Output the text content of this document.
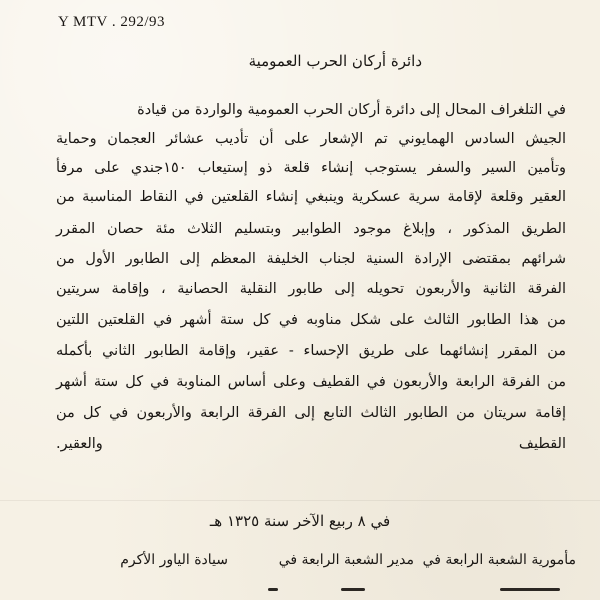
Y MTV . 292/93
دائرة أركان الحرب العمومية
في التلغراف المحال إلى دائرة أركان الحرب العمومية والواردة من قيادة
الجيش السادس الهمايوني تم الإشعار على أن تأديب عشائر العجمان وحماية
وتأمين السير والسفر يستوجب إنشاء قلعة ذو إستيعاب ١٥٠جندي على مرفأ
العقير وقلعة لإقامة سرية عسكرية وينبغي إنشاء القلعتين في النقاط المناسبة من
الطريق المذكور ، وإبلاغ موجود الطوابير وبتسليم الثلاث مئة حصان المقرر
شرائهم بمقتضى الإرادة السنية لجناب الخليفة المعظم إلى الطابور الأول من
الفرقة الثانية والأربعون تحويله إلى طابور النقلية الحصانية ، وإقامة سريتين
من هذا الطابور الثالث على شكل مناوبه في كل ستة أشهر في القلعتين اللتين
من المقرر إنشائهما على طريق الإحساء - عقير، وإقامة الطابور الثاني بأكمله
من الفرقة الرابعة والأربعون في القطيف وعلى أساس المناوبة في كل ستة أشهر
إقامة سريتان من الطابور الثالث التابع إلى الفرقة الرابعة والأربعون في كل من
القطيف والعقير.
في ٨ ربيع الآخر سنة ١٣٢٥ هـ
مأمورية الشعبة الرابعة في
مدير الشعبة الرابعة في
سيادة الياور الأكرم
